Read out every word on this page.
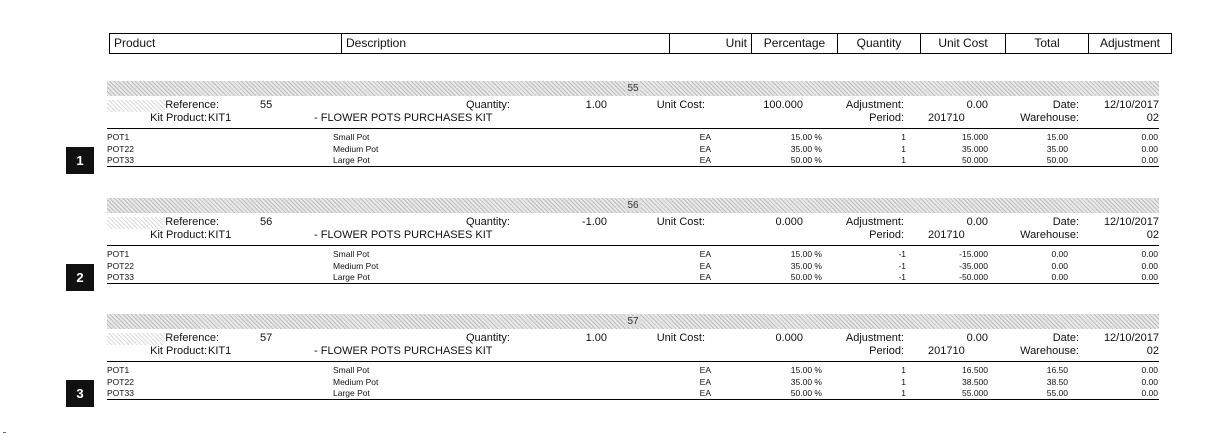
Product	Description	Unit	Percentage	Quantity	Unit Cost	Total	Adjustment
55
Reference:	55	Quantity:	1.00	Unit Cost:	100.000	Adjustment:	0.00	Date:	12/10/2017
Kit Product: KIT1	- FLOWER POTS PURCHASES KIT	Period: 201710	Warehouse:	02
POT1	Small Pot	EA	15.00 %	1	15.000	15.00	0.00
POT22	Medium Pot	EA	35.00 %	1	35.000	35.00	0.00
POT33	Large Pot	EA	50.00 %	1	50.000	50.00	0.00
1
56
Reference:	56	Quantity:	-1.00	Unit Cost:	0.000	Adjustment:	0.00	Date:	12/10/2017
Kit Product: KIT1	- FLOWER POTS PURCHASES KIT	Period: 201710	Warehouse:	02
POT1	Small Pot	EA	15.00 %	-1	-15.000	0.00	0.00
POT22	Medium Pot	EA	35.00 %	-1	-35.000	0.00	0.00
POT33	Large Pot	EA	50.00 %	-1	-50.000	0.00	0.00
2
57
Reference:	57	Quantity:	1.00	Unit Cost:	0.000	Adjustment:	0.00	Date:	12/10/2017
Kit Product: KIT1	- FLOWER POTS PURCHASES KIT	Period: 201710	Warehouse:	02
POT1	Small Pot	EA	15.00 %	1	16.500	16.50	0.00
POT22	Medium Pot	EA	35.00 %	1	38.500	38.50	0.00
POT33	Large Pot	EA	50.00 %	1	55.000	55.00	0.00
3
